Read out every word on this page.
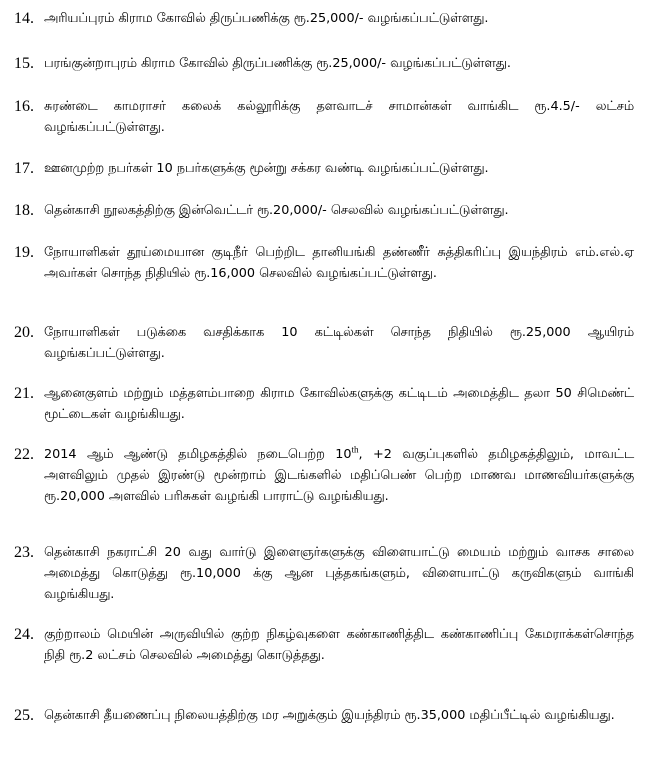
14. அரியப்புரம் கிராம கோவில் திருப்பணிக்கு ரூ.25,000/- வழங்கப்பட்டுள்ளது.
15. பரங்குன்றாபுரம் கிராம கோவில் திருப்பணிக்கு ரூ.25,000/- வழங்கப்பட்டுள்ளது.
16. சுரண்டை காமராசர் கலைக் கல்லூரிக்கு தளவாடச் சாமான்கள் வாங்கிட ரூ.4.5/- லட்சம் வழங்கப்பட்டுள்ளது.
17. ஊனமுற்ற நபர்கள் 10 நபர்களுக்கு மூன்று சக்கர வண்டி வழங்கப்பட்டுள்ளது.
18. தென்காசி நூலகத்திற்கு இன்வெட்டர் ரூ.20,000/- செலவில் வழங்கப்பட்டுள்ளது.
19. நோயாளிகள் தூய்மையான குடிநீர் பெற்றிட தானியங்கி தண்ணீர் சுத்திகரிப்பு இயந்திரம் எம்.எல்.ஏ அவர்கள் சொந்த நிதியில் ரூ.16,000 செலவில் வழங்கப்பட்டுள்ளது.
20. நோயாளிகள் படுக்கை வசதிக்காக 10 கட்டில்கள் சொந்த நிதியில் ரூ.25,000 ஆயிரம் வழங்கப்பட்டுள்ளது.
21. ஆனைகுளம் மற்றும் மத்தளம்பாறை கிராம கோவில்களுக்கு கட்டிடம் அமைத்திட தலா 50 சிமெண்ட் மூட்டைகள் வழங்கியது.
22. 2014 ஆம் ஆண்டு தமிழகத்தில் நடைபெற்ற 10th, +2 வகுப்புகளில் தமிழகத்திலும், மாவட்ட அளவிலும் முதல் இரண்டு மூன்றாம் இடங்களில் மதிப்பெண் பெற்ற மாணவ மாணவியர்களுக்கு ரூ.20,000 அளவில் பரிசுகள் வழங்கி பாராட்டு வழங்கியது.
23. தென்காசி நகராட்சி 20 வது வார்டு இளைஞர்களுக்கு விளையாட்டு மையம் மற்றும் வாசக சாலை அமைத்து கொடுத்து ரூ.10,000 க்கு ஆன புத்தகங்களும், விளையாட்டு கருவிகளும் வாங்கி வழங்கியது.
24. குற்றாலம் மெயின் அருவியில் குற்ற நிகழ்வுகளை கண்காணித்திட கண்காணிப்பு கேமராக்கள்சொந்த நிதி ரூ.2 லட்சம் செலவில் அமைத்து கொடுத்தது.
25. தென்காசி தீயணைப்பு நிலையத்திற்கு மர அறுக்கும் இயந்திரம் ரூ.35,000 மதிப்பீட்டில் வழங்கியது.
